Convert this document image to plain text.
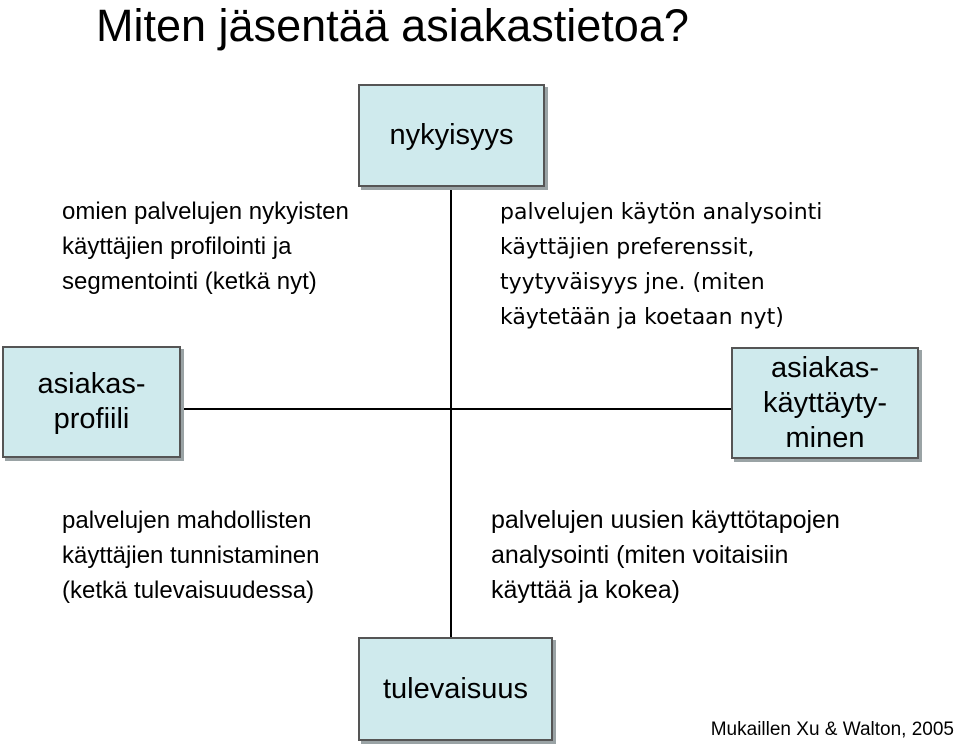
Miten jäsentää asiakastietoa?
nykyisyys
tulevaisuus
asiakas-
profiili
asiakas-
käyttäyty-
minen
omien palvelujen nykyisten
käyttäjien profilointi ja
segmentointi (ketkä nyt)
palvelujen käytön analysointi
käyttäjien preferenssit,
tyytyväisyys jne. (miten
käytetään ja koetaan nyt)
palvelujen mahdollisten
käyttäjien tunnistaminen
(ketkä tulevaisuudessa)
palvelujen uusien käyttötapojen
analysointi (miten voitaisiin
käyttää ja kokea)
Mukaillen Xu & Walton, 2005
